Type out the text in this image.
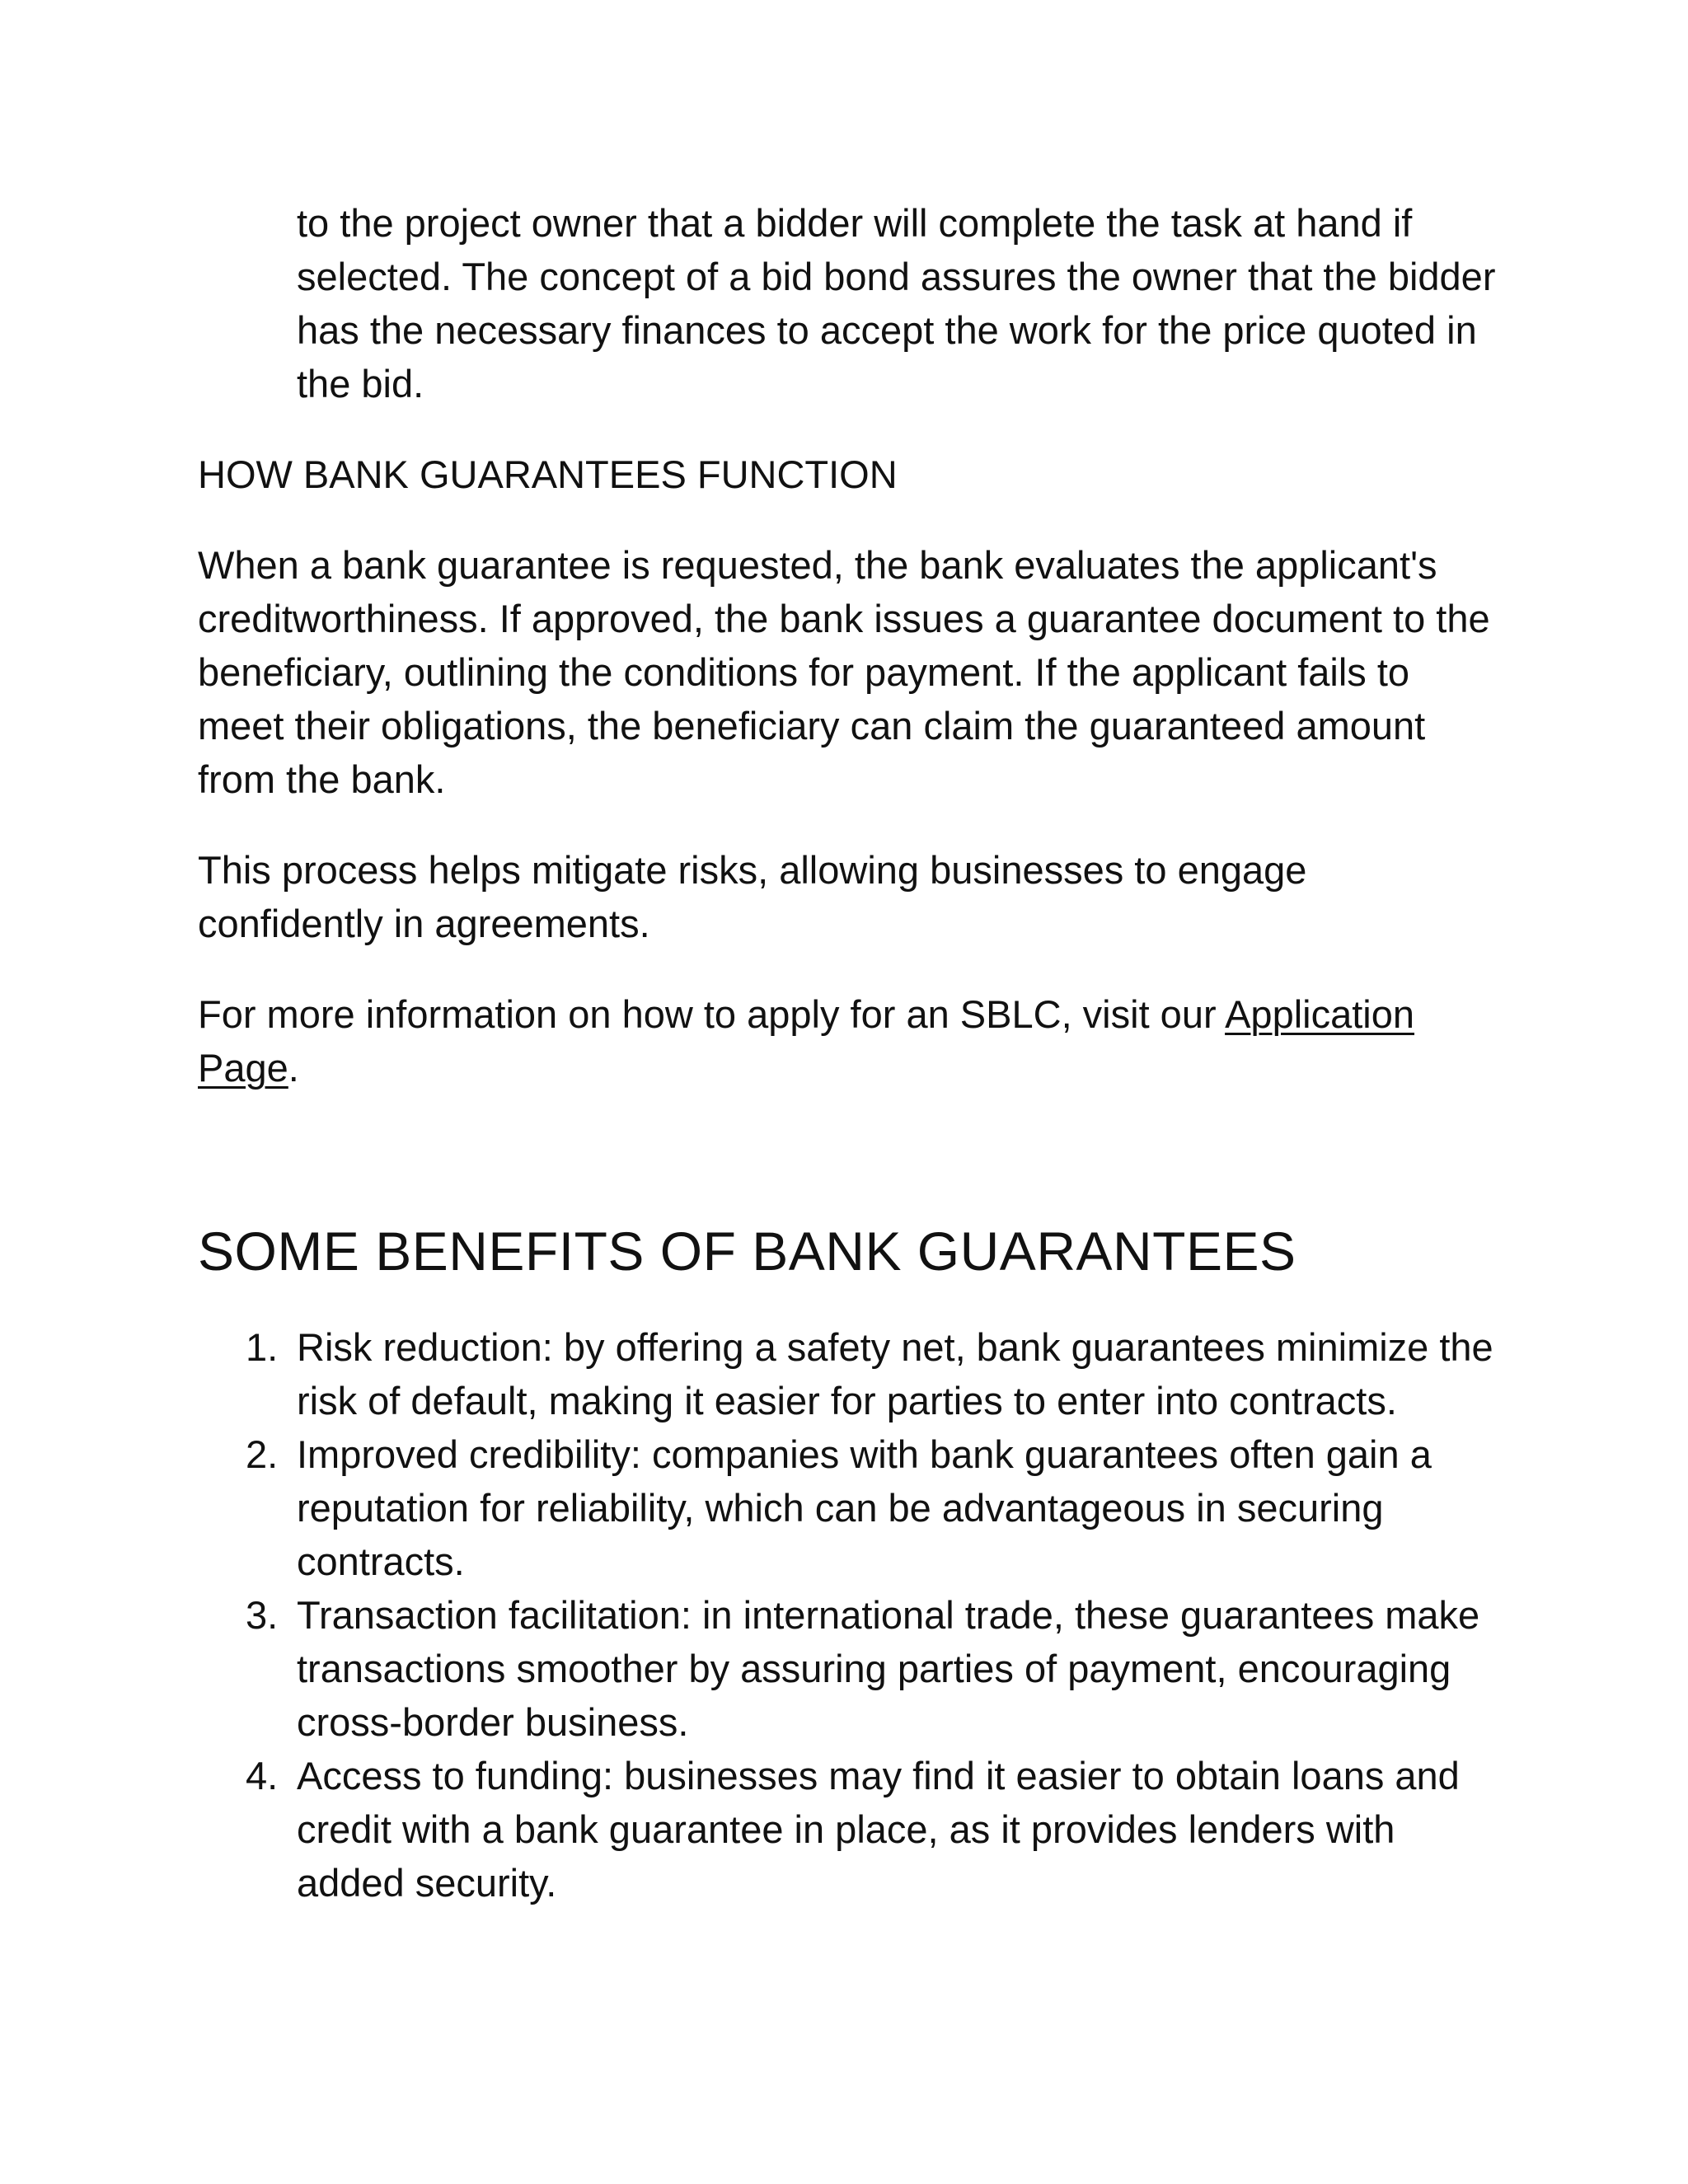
to the project owner that a bidder will complete the task at hand if selected. The concept of a bid bond assures the owner that the bidder has the necessary finances to accept the work for the price quoted in the bid.
HOW BANK GUARANTEES FUNCTION

When a bank guarantee is requested, the bank evaluates the applicant's creditworthiness. If approved, the bank issues a guarantee document to the beneficiary, outlining the conditions for payment. If the applicant fails to meet their obligations, the beneficiary can claim the guaranteed amount from the bank.

This process helps mitigate risks, allowing businesses to engage confidently in agreements.

For more information on how to apply for an SBLC, visit our Application Page.

SOME BENEFITS OF BANK GUARANTEES
1. Risk reduction: by offering a safety net, bank guarantees minimize the risk of default, making it easier for parties to enter into contracts.
2. Improved credibility: companies with bank guarantees often gain a reputation for reliability, which can be advantageous in securing contracts.
3. Transaction facilitation: in international trade, these guarantees make transactions smoother by assuring parties of payment, encouraging cross-border business.
4. Access to funding: businesses may find it easier to obtain loans and credit with a bank guarantee in place, as it provides lenders with added security.
